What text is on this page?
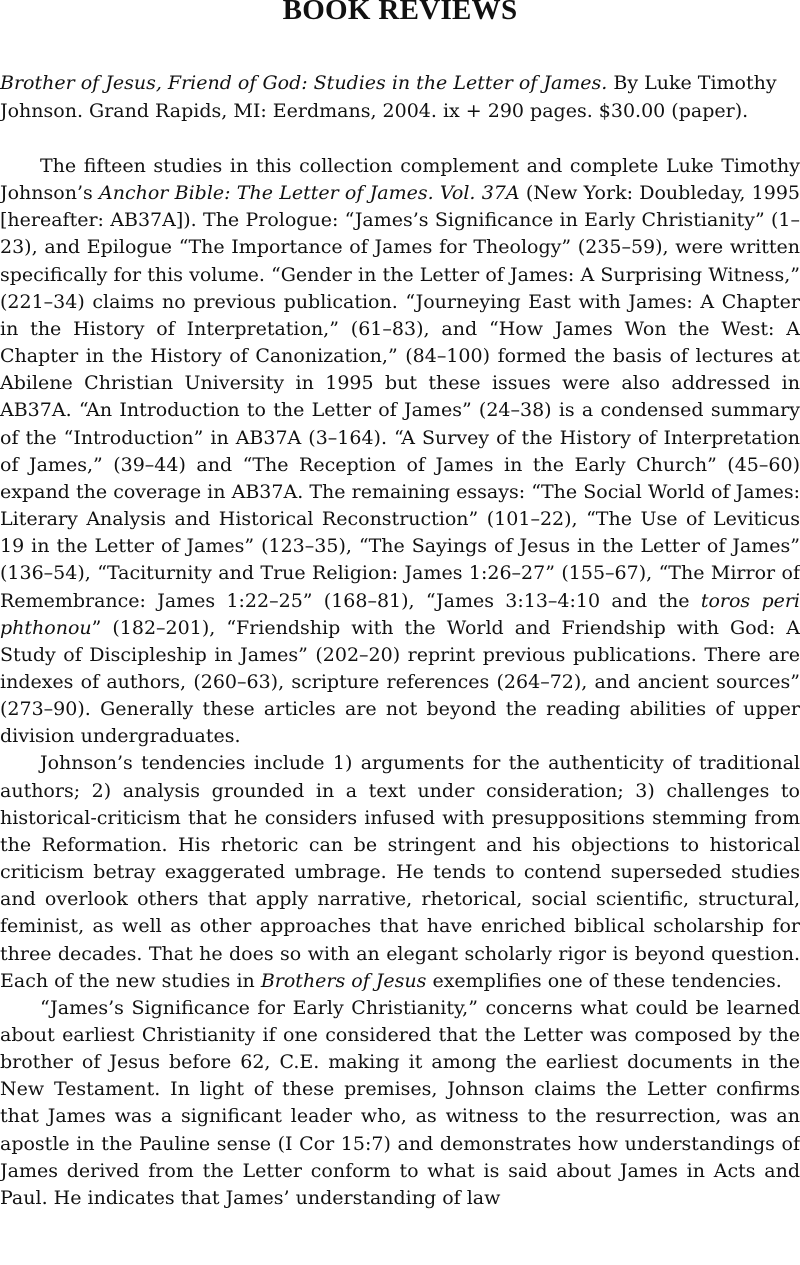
BOOK REVIEWS

Brother of Jesus, Friend of God: Studies in the Letter of James. By Luke Timothy Johnson. Grand Rapids, MI: Eerdmans, 2004. ix + 290 pages. $30.00 (paper).

The fifteen studies in this collection complement and complete Luke Timothy Johnson’s Anchor Bible: The Letter of James. Vol. 37A (New York: Doubleday, 1995 [hereafter: AB37A]). The Prologue: “James’s Significance in Early Christianity” (1–23), and Epilogue “The Importance of James for Theology” (235–59), were written specifically for this volume. “Gender in the Letter of James: A Surprising Witness,” (221–34) claims no previous publication. “Journeying East with James: A Chapter in the History of Interpretation,” (61–83), and “How James Won the West: A Chapter in the History of Canonization,” (84–100) formed the basis of lectures at Abilene Christian University in 1995 but these issues were also addressed in AB37A. “An Introduction to the Letter of James” (24–38) is a condensed summary of the “Introduction” in AB37A (3–164). “A Survey of the History of Interpretation of James,” (39–44) and “The Reception of James in the Early Church” (45–60) expand the coverage in AB37A. The remaining essays: “The Social World of James: Literary Analysis and Historical Reconstruction” (101–22), “The Use of Leviticus 19 in the Letter of James” (123–35), “The Sayings of Jesus in the Letter of James” (136–54), “Taciturnity and True Religion: James 1:26–27” (155–67), “The Mirror of Remembrance: James 1:22–25” (168–81), “James 3:13–4:10 and the toros peri phthonou” (182–201), “Friendship with the World and Friendship with God: A Study of Discipleship in James” (202–20) reprint previous publications. There are indexes of authors, (260–63), scripture references (264–72), and ancient sources” (273–90). Generally these articles are not beyond the reading abilities of upper division undergraduates.

Johnson’s tendencies include 1) arguments for the authenticity of traditional authors; 2) analysis grounded in a text under consideration; 3) challenges to historical-criticism that he considers infused with presuppositions stemming from the Reformation. His rhetoric can be stringent and his objections to historical criticism betray exaggerated umbrage. He tends to contend superseded studies and overlook others that apply narrative, rhetorical, social scientific, structural, feminist, as well as other approaches that have enriched biblical scholarship for three decades. That he does so with an elegant scholarly rigor is beyond question. Each of the new studies in Brothers of Jesus exemplifies one of these tendencies.

“James’s Significance for Early Christianity,” concerns what could be learned about earliest Christianity if one considered that the Letter was composed by the brother of Jesus before 62, C.E. making it among the earliest documents in the New Testament. In light of these premises, Johnson claims the Letter confirms that James was a significant leader who, as witness to the resurrection, was an apostle in the Pauline sense (I Cor 15:7) and demonstrates how understandings of James derived from the Letter conform to what is said about James in Acts and Paul. He indicates that James’ understanding of law
